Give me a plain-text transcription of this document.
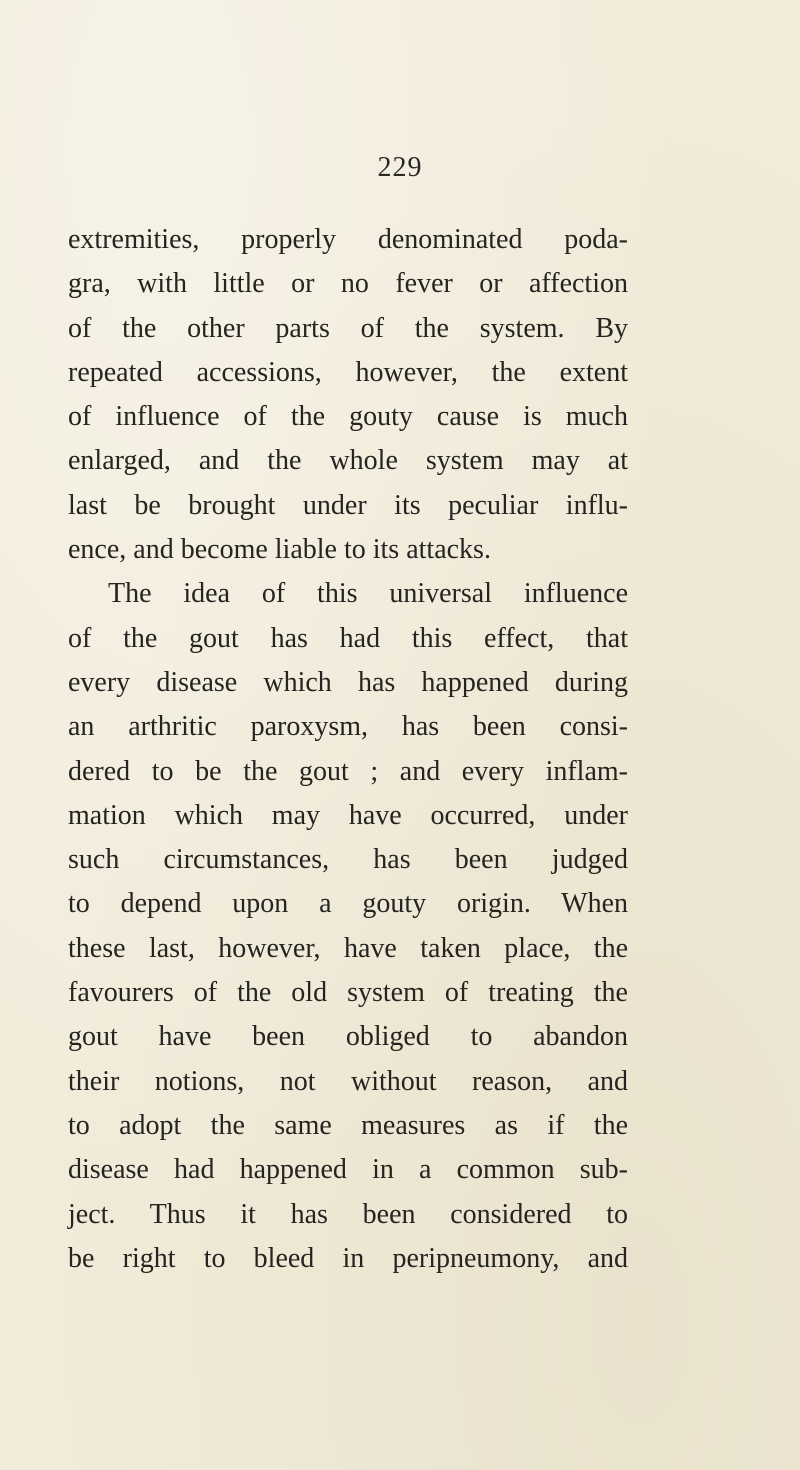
229
extremities, properly denominated poda-
gra, with little or no fever or affection
of the other parts of the system. By
repeated accessions, however, the extent
of influence of the gouty cause is much
enlarged, and the whole system may at
last be brought under its peculiar influ-
ence, and become liable to its attacks.
The idea of this universal influence
of the gout has had this effect, that
every disease which has happened during
an arthritic paroxysm, has been consi-
dered to be the gout ; and every inflam-
mation which may have occurred, under
such circumstances, has been judged
to depend upon a gouty origin. When
these last, however, have taken place, the
favourers of the old system of treating the
gout have been obliged to abandon
their notions, not without reason, and
to adopt the same measures as if the
disease had happened in a common sub-
ject. Thus it has been considered to
be right to bleed in peripneumony, and
